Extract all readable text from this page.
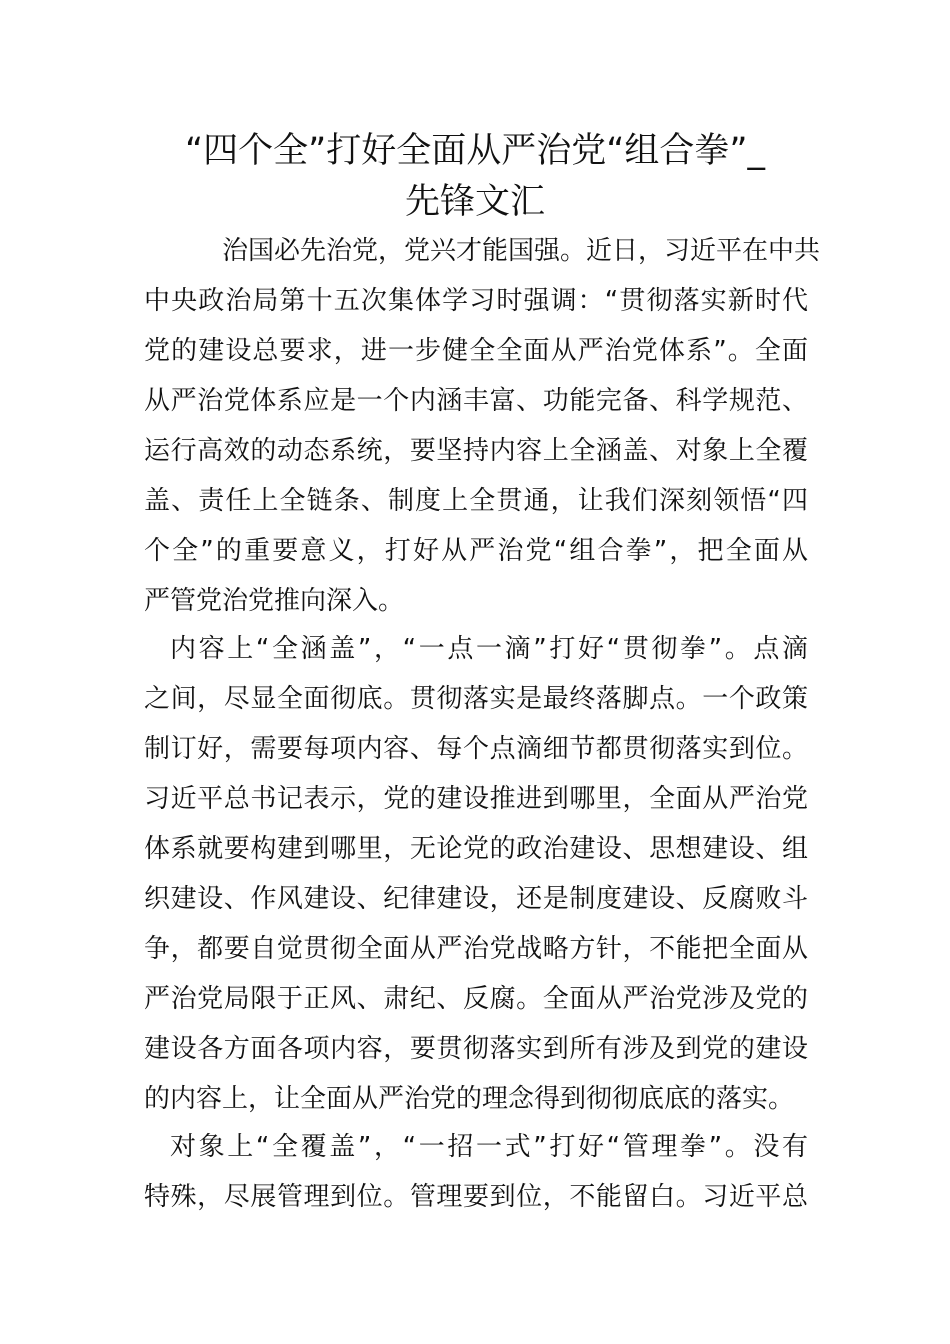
“四个全”打好全面从严治党“组合拳”_
先锋文汇
治国必先治党，党兴才能国强。近日，习近平在中共
中央政治局第十五次集体学习时强调：“贯彻落实新时代
党的建设总要求，进一步健全全面从严治党体系”。全面
从严治党体系应是一个内涵丰富、功能完备、科学规范、
运行高效的动态系统，要坚持内容上全涵盖、对象上全覆
盖、责任上全链条、制度上全贯通，让我们深刻领悟“四
个全”的重要意义，打好从严治党“组合拳”，把全面从
严管党治党推向深入。
内容上“全涵盖”，“一点一滴”打好“贯彻拳”。点滴
之间，尽显全面彻底。贯彻落实是最终落脚点。一个政策
制订好，需要每项内容、每个点滴细节都贯彻落实到位。
习近平总书记表示，党的建设推进到哪里，全面从严治党
体系就要构建到哪里，无论党的政治建设、思想建设、组
织建设、作风建设、纪律建设，还是制度建设、反腐败斗
争，都要自觉贯彻全面从严治党战略方针，不能把全面从
严治党局限于正风、肃纪、反腐。全面从严治党涉及党的
建设各方面各项内容，要贯彻落实到所有涉及到党的建设
的内容上，让全面从严治党的理念得到彻彻底底的落实。
对象上“全覆盖”，“一招一式”打好“管理拳”。没有
特殊，尽展管理到位。管理要到位，不能留白。习近平总
